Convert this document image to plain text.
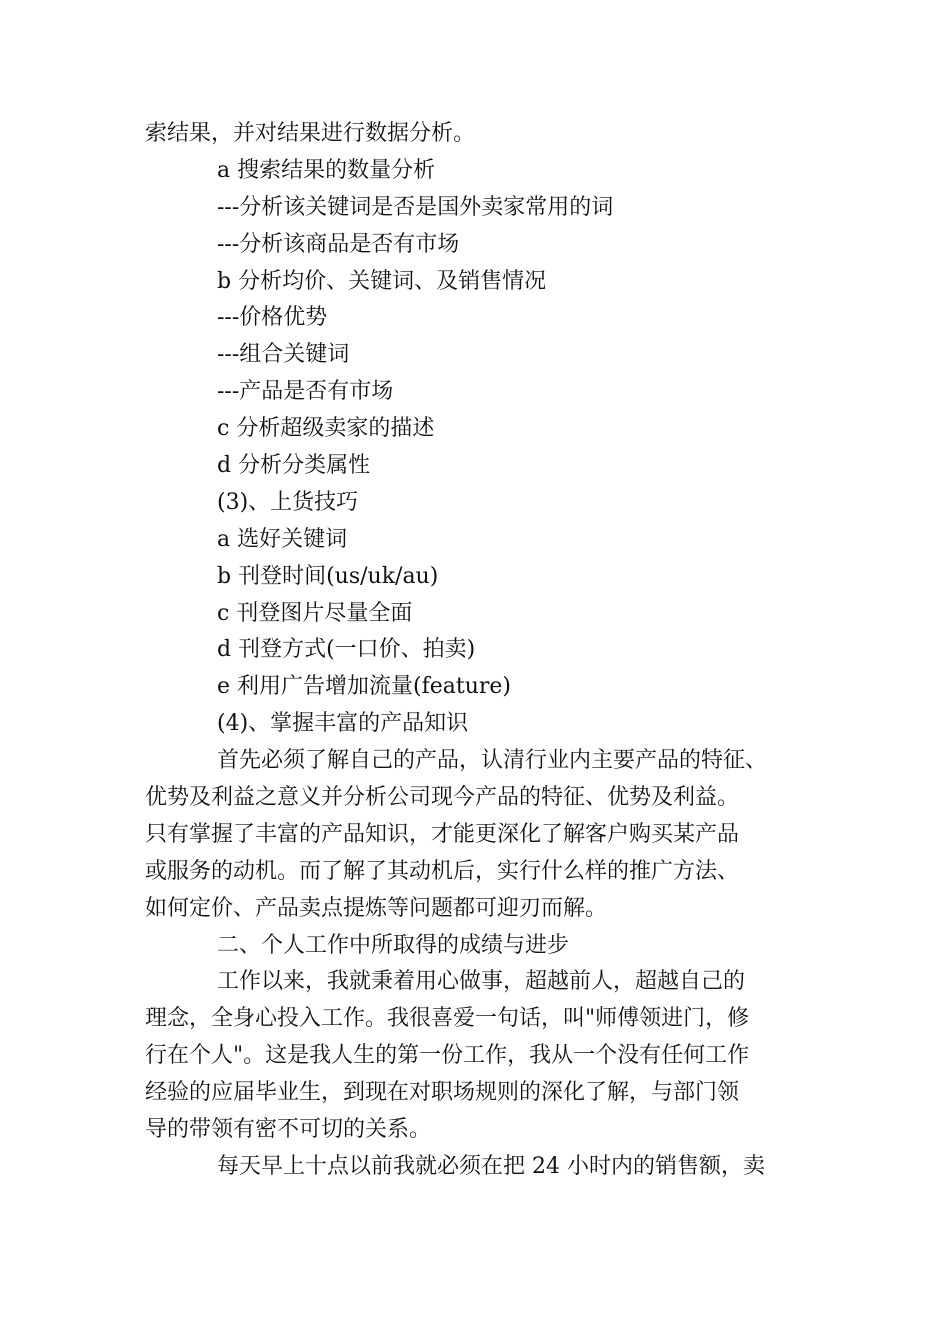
索结果，并对结果进行数据分析。
a 搜索结果的数量分析
---分析该关键词是否是国外卖家常用的词
---分析该商品是否有市场
b 分析均价、关键词、及销售情况
---价格优势
---组合关键词
---产品是否有市场
c 分析超级卖家的描述
d 分析分类属性
(3)、上货技巧
a 选好关键词
b 刊登时间(us/uk/au)
c 刊登图片尽量全面
d 刊登方式(一口价、拍卖)
e 利用广告增加流量(feature)
(4)、掌握丰富的产品知识
首先必须了解自己的产品，认清行业内主要产品的特征、
优势及利益之意义并分析公司现今产品的特征、优势及利益。
只有掌握了丰富的产品知识，才能更深化了解客户购买某产品
或服务的动机。而了解了其动机后，实行什么样的推广方法、
如何定价、产品卖点提炼等问题都可迎刃而解。
二、个人工作中所取得的成绩与进步
工作以来，我就秉着用心做事，超越前人，超越自己的
理念，全身心投入工作。我很喜爱一句话，叫"师傅领进门，修
行在个人"。这是我人生的第一份工作，我从一个没有任何工作
经验的应届毕业生，到现在对职场规则的深化了解，与部门领
导的带领有密不可切的关系。
每天早上十点以前我就必须在把 24 小时内的销售额，卖
